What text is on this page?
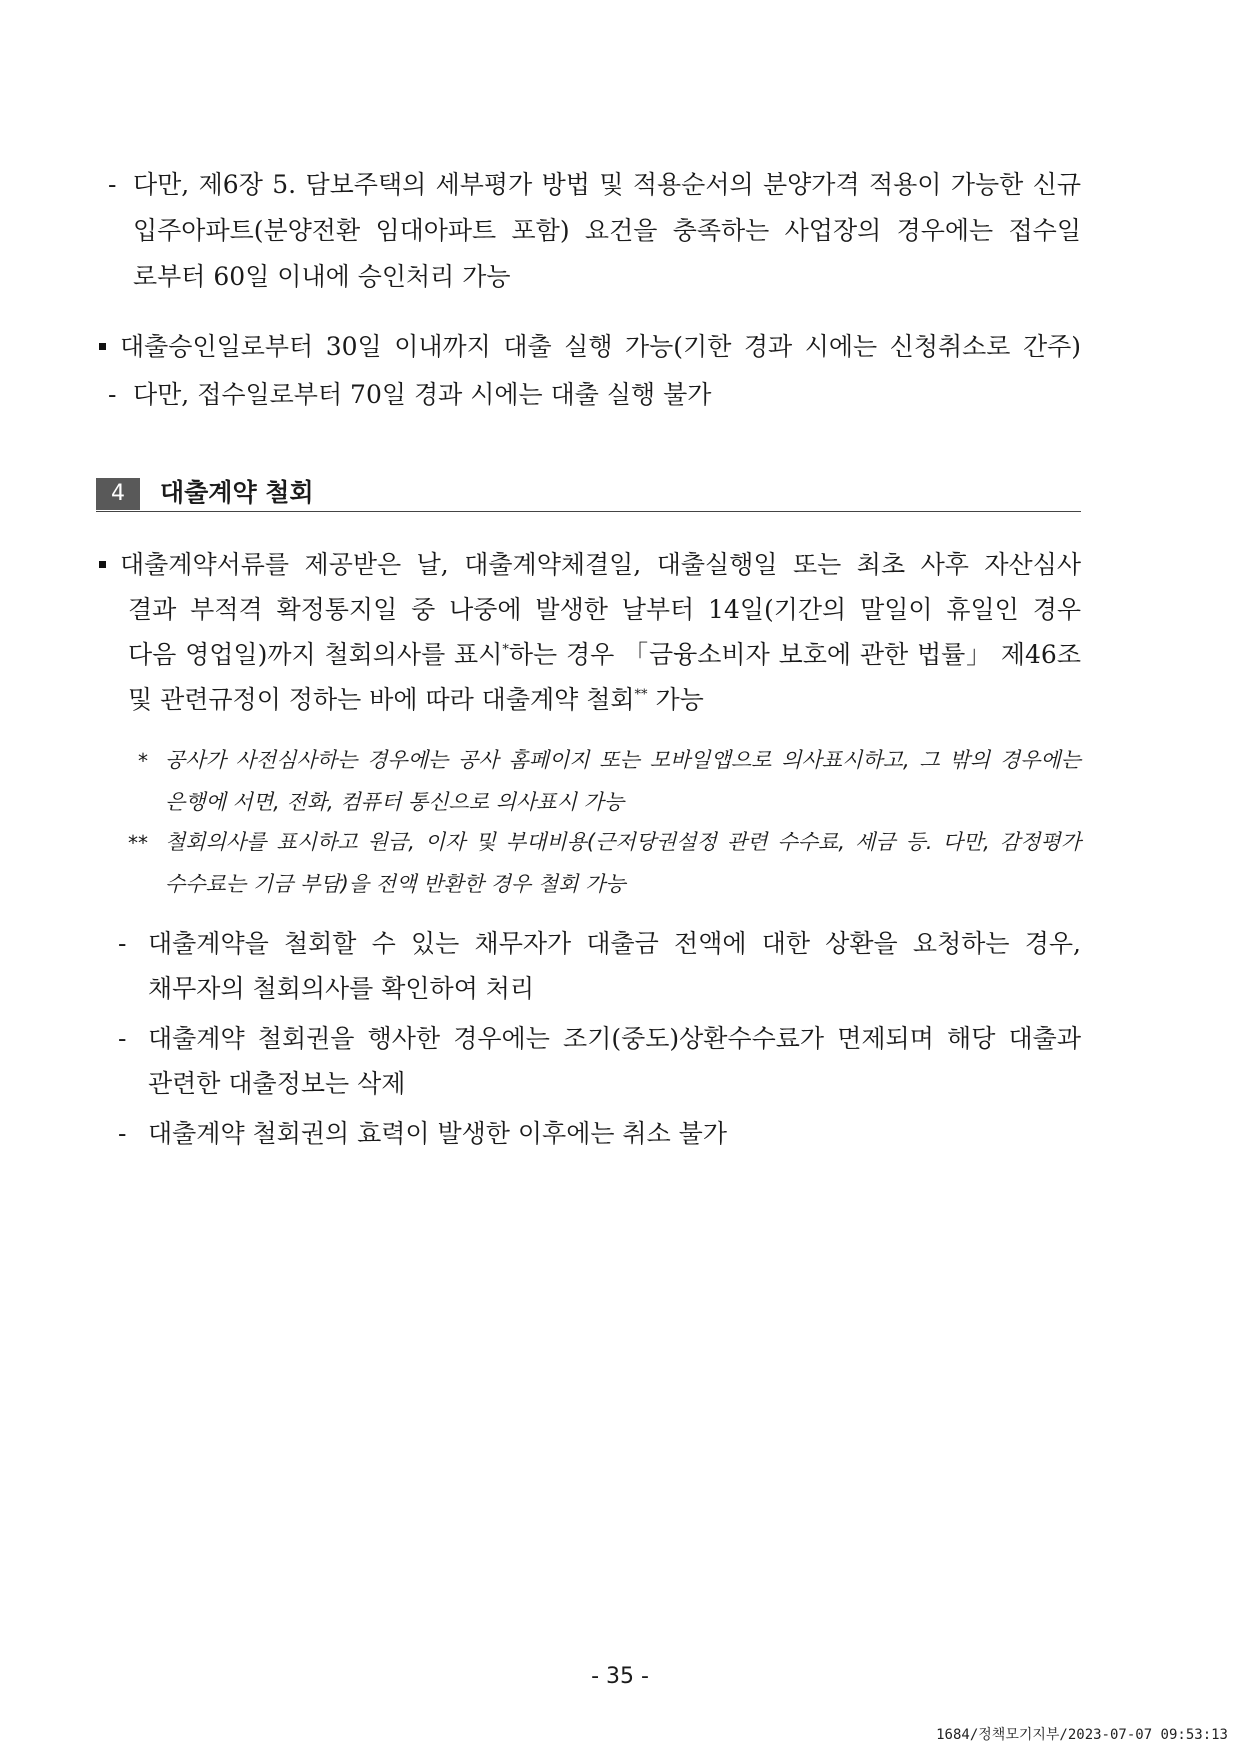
- 다만, 제6장 5. 담보주택의 세부평가 방법 및 적용순서의 분양가격 적용이 가능한 신규
입주아파트(분양전환 임대아파트 포함) 요건을 충족하는 사업장의 경우에는 접수일
로부터 60일 이내에 승인처리 가능
대출승인일로부터 30일 이내까지 대출 실행 가능(기한 경과 시에는 신청취소로 간주)
- 다만, 접수일로부터 70일 경과 시에는 대출 실행 불가
4	대출계약 철회
대출계약서류를 제공받은 날, 대출계약체결일, 대출실행일 또는 최초 사후 자산심사
결과 부적격 확정통지일 중 나중에 발생한 날부터 14일(기간의 말일이 휴일인 경우
다음 영업일)까지 철회의사를 표시*하는 경우 「금융소비자 보호에 관한 법률」 제46조
및 관련규정이 정하는 바에 따라 대출계약 철회** 가능
* 공사가 사전심사하는 경우에는 공사 홈페이지 또는 모바일앱으로 의사표시하고, 그 밖의 경우에는
은행에 서면, 전화, 컴퓨터 통신으로 의사표시 가능
** 철회의사를 표시하고 원금, 이자 및 부대비용(근저당권설정 관련 수수료, 세금 등. 다만, 감정평가
수수료는 기금 부담)을 전액 반환한 경우 철회 가능
- 대출계약을 철회할 수 있는 채무자가 대출금 전액에 대한 상환을 요청하는 경우,
채무자의 철회의사를 확인하여 처리
- 대출계약 철회권을 행사한 경우에는 조기(중도)상환수수료가 면제되며 해당 대출과
관련한 대출정보는 삭제
- 대출계약 철회권의 효력이 발생한 이후에는 취소 불가
- 35 -
1684/정책모기지부/2023-07-07 09:53:13
